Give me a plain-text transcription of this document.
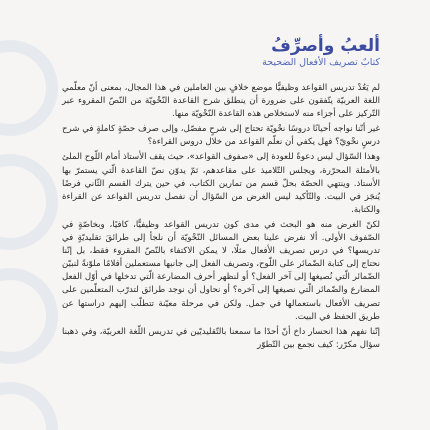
ألعبُ وأصرِّفُ
كتابٌ تصريف الأفعال الضحيحة

لم يَعُدْ تدريس القواعد وظيفيًّا موضع خلافٍ بين العاملين في هذا المجال، بمعنى أنّ معلّمي اللغة العربيّة يتّفقون على ضرورة أن ينطلق شرح القاعدة النّحْويّة من النّصّ المقروء عبر التّركيز على أجزاء منه لاستخلاص هذه القاعدة النّحْويّة منها.

غير أنّنا نواجه أحيانًا دروسًا نحْويّة تحتاج إلى شرحٍ مفصّل، وإلى صرف حصّةٍ كاملةٍ في شرح درسٍ نحْويّ؟ فهل يكفي أن نعلّم القواعد من خلال دروس القراءة؟

وهذا السّؤال ليس دعوةً للعودة إلى «صفوف القواعد»، حيث يقف الأستاذ أمام اللّوح الملئ بالأمثلة المحرّرة، ويجلس التّلاميذ على مقاعدهم، ثمّ يدوّن نصّ القاعدة الّتي يستمرّ بها الأستاذ. وينتهي الحصّة بحلّ قسم من تمارين الكتاب، في حين يترك القسم الثّاني فرضًا يُنجَز في البيت. والتّأكيد ليس الغرض من السّؤال أن نفصل تدريس القواعد عن القراءة والكتابة.

لكنّ الغرض منه هو البحث في مدى كون تدريس القواعد وظيفيًّا، كافيًا، وبخاصّةٍ في الصّفوف الأولى. ألا نفرض علينا بعض المسائل النّحْويّة أن نلجأ إلى طرائقَ تقليديّةٍ في تدريسها؟ في درس تصريف الأفعال مثلًا، لا يمكن الاكتفاء بالنّصّ المقروء فقط، بل إنّنا نحتاج إلى كتابة الضّمائر على اللّوح، وتصريف الفعل إلى جانبها مستعملين أقلامًا ملوّنةً لنبيّن الضّمائر الّتي نُصيغها إلى آخر الفعل؟ أو لنظهر أحرف المضارعة الّتي تدخلها في أوّل الفعل المضارع والضّمائر الّتي نصيغها إلى آخره؟ أو نحاول أن نوجد طرائق لتدرّب المتعلّمين على تصريف الأفعال باستعمالها في جمل. ولكن في مرحلة معيّنة تتطلّب إليهم دراستها عن طريق الحفظ في البيت.

إنّنا نفهم هذا انحسار داخ أنّ أحدًا ما سمعنا بالتّقليديّين في تدريس اللّغة العربيّة، وفي ذهبنا سؤال مكرّر: كيف نجمع بين التّطوّر
